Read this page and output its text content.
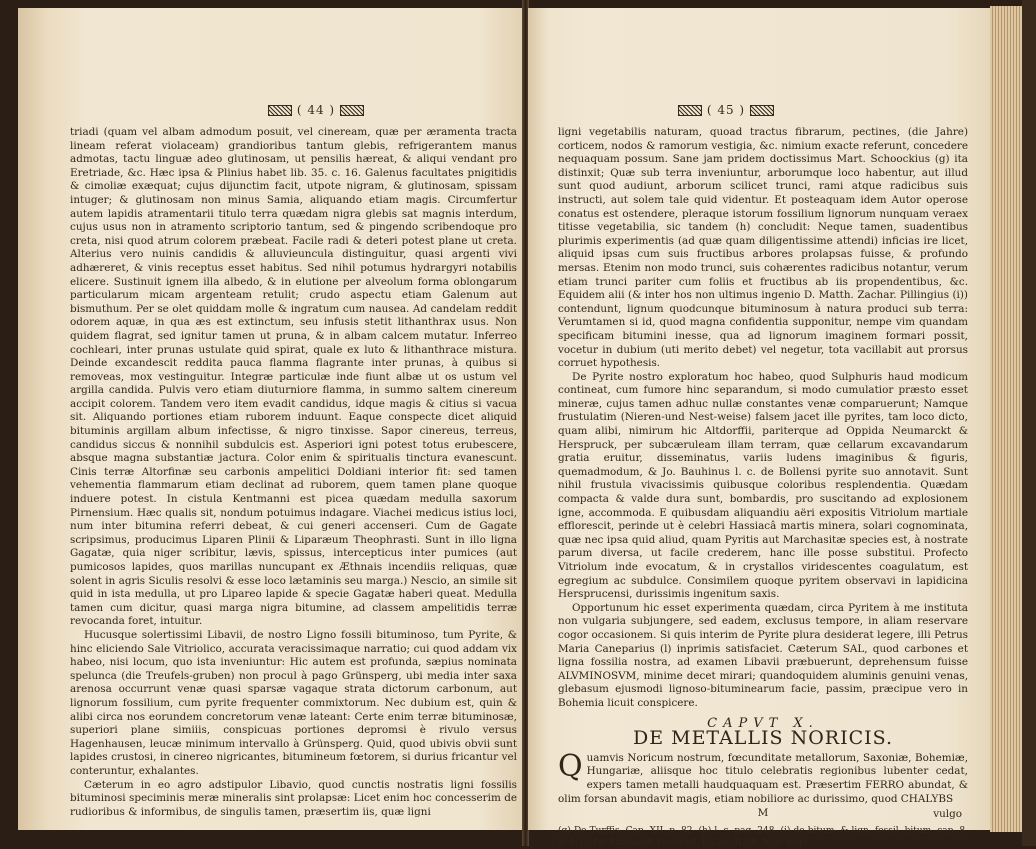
( 44 )

triadi (quam vel albam admodum posuit, vel cineream, quæ per æramenta tracta lineam referat violaceam) grandioribus tantum glebis, refrigerantem manus admotas, tactu linguæ adeo glutinosam, ut pensilis hæreat, & aliqui vendant pro Eretriade, &c. Hæc ipsa & Plinius habet lib. 35. c. 16. Galenus facultates pnigitidis & cimoliæ exæquat; cujus dijunctim facit, utpote nigram, & glutinosam, spissam intuger; & glutinosam non minus Samia, aliquando etiam magis. Circumfertur autem lapidis atramentarii titulo terra quædam nigra glebis sat magnis interdum, cujus usus non in atramento scriptorio tantum, sed & pingendo scribendoque pro creta, nisi quod atrum colorem præbeat. Facile radi & deteri potest plane ut creta. Alterius vero nuinis candidis & alluvieuncula distinguitur, quasi argenti vivi adhæreret, & vinis receptus esset habitus. Sed nihil potumus hydrargyri notabilis elicere. Sustinuit ignem illa albedo, & in elutione per alveolum forma oblongarum particularum micam argenteam retulit; crudo aspectu etiam Galenum aut bismuthum. Per se olet quiddam molle & ingratum cum nausea. Ad candelam reddit odorem aquæ, in qua æs est extinctum, seu infusis stetit lithanthrax usus. Non quidem flagrat, sed ignitur tamen ut pruna, & in albam calcem mutatur. Inferreo cochleari, inter prunas ustulate quid spirat, quale ex luto & lithanthrace mistura. Deinde excandescit reddita pauca flamma flagrante inter prunas, à quibus si removeas, mox vestinguitur. Integræ particulæ inde fiunt albæ ut os ustum vel argilla candida. Pulvis vero etiam diuturniore flamma, in summo saltem cinereum accipit colorem. Tandem vero item evadit candidus, idque magis & citius si vacua sit. Aliquando portiones etiam ruborem induunt. Eaque conspecte dicet aliquid bituminis argillam album infectisse, & nigro tinxisse. Sapor cinereus, terreus, candidus siccus & nonnihil subdulcis est. Asperiori igni potest totus erubescere, absque magna substantiæ jactura. Color enim & spiritualis tinctura evanescunt. Cinis terræ Altorfinæ seu carbonis ampelitici Doldiani interior fit: sed tamen vehementia flammarum etiam declinat ad ruborem, quem tamen plane quoque induere potest. In cistula Kentmanni est picea quædam medulla saxorum Pirnensium. Hæc qualis sit, nondum potuimus indagare. Viachei medicus istius loci, num inter bitumina referri debeat, & cui generi accenseri. Cum de Gagate scripsimus, producimus Liparen Plinii & Liparæum Theophrasti. Sunt in illo ligna Gagatæ, quia niger scribitur, lævis, spissus, intercepticus inter pumices (aut pumicosos lapides, quos marillas nuncupant ex Æthnais incendiis reliquas, quæ solent in agris Siculis resolvi & esse loco lætaminis seu marga.) Nescio, an simile sit quid in ista medulla, ut pro Lipareo lapide & specie Gagatæ haberi queat. Medulla tamen cum dicitur, quasi marga nigra bitumine, ad classem ampelitidis terræ revocanda foret, intuitur.

Hucusque solertissimi Libavii, de nostro Ligno fossili bituminoso, tum Pyrite, & hinc eliciendo Sale Vitriolico, accurata veracissimaque narratio; cui quod addam vix habeo, nisi locum, quo ista inveniuntur: Hic autem est profunda, sæpius nominata spelunca (die Treufels-gruben) non procul à pago Grünsperg, ubi media inter saxa arenosa occurrunt venæ quasi sparsæ vagaque strata dictorum carbonum, aut lignorum fossilium, cum pyrite frequenter commixtorum. Nec dubium est, quin & alibi circa nos eorundem concretorum venæ lateant: Certe enim terræ bituminosæ, superiori plane simiiis, conspicuas portiones depromsi è rivulo versus Hagenhausen, leucæ minimum intervallo à Grünsperg. Quid, quod ubivis obvii sunt lapides crustosi, in cinereo nigricantes, bitumineum fœtorem, si durius fricantur vel conteruntur, exhalantes.

Cæterum in eo agro adstipulor Libavio, quod cunctis nostratis ligni fossilis bituminosi speciminis meræ mineralis sint prolapsæ: Licet enim hoc concesserim de rudioribus & informibus, de singulis tamen, præsertim iis, quæ ligni

( 45 )

ligni vegetabilis naturam, quoad tractus fibrarum, pectines, (die Jahre) corticem, nodos & ramorum vestigia, &c. nimium exacte referunt, concedere nequaquam possum. Sane jam pridem doctissimus Mart. Schoockius (g) ita distinxit; Quæ sub terra inveniuntur, arborumque loco habentur, aut illud sunt quod audiunt, arborum scilicet trunci, rami atque radicibus suis instructi, aut solem tale quid videntur. Et posteaquam idem Autor operose conatus est ostendere, pleraque istorum fossilium lignorum nunquam veraex titisse vegetabilia, sic tandem (h) concludit: Neque tamen, suadentibus plurimis experimentis (ad quæ quam diligentissime attendi) inficias ire licet, aliquid ipsas cum suis fructibus arbores prolapsas fuisse, & profundo mersas. Etenim non modo trunci, suis cohærentes radicibus notantur, verum etiam trunci pariter cum foliis et fructibus ab iis propendentibus, &c. Equidem alii (& inter hos non ultimus ingenio D. Matth. Zachar. Pillingius (i)) contendunt, lignum quodcunque bituminosum à natura produci sub terra: Verumtamen si id, quod magna confidentia supponitur, nempe vim quandam specificam bitumini inesse, qua ad lignorum imaginem formari possit, vocetur in dubium (uti merito debet) vel negetur, tota vacillabit aut prorsus corruet hypothesis.

De Pyrite nostro exploratum hoc habeo, quod Sulphuris haud modicum contineat, cum fumore hinc separandum, si modo cumulatior præsto esset mineræ, cujus tamen adhuc nullæ constantes venæ comparuerunt; Namque frustulatim (Nieren-und Nest-weise) falsem jacet ille pyrites, tam loco dicto, quam alibi, nimirum hic Altdorffii, pariterque ad Oppida Neumarckt & Herspruck, per subcæruleam illam terram, quæ cellarum excavandarum gratia eruitur, disseminatus, variis ludens imaginibus & figuris, quemadmodum, & Jo. Bauhinus l. c. de Bollensi pyrite suo annotavit. Sunt nihil frustula vivacissimis quibusque coloribus resplendentia. Quædam compacta & valde dura sunt, bombardis, pro suscitando ad explosionem igne, accommoda. E quibusdam aliquandiu aëri expositis Vitriolum martiale efflorescit, perinde ut è celebri Hassiacâ martis minera, solari cognominata, quæ nec ipsa quid aliud, quam Pyritis aut Marchasitæ species est, à nostrate parum diversa, ut facile crederem, hanc ille posse substitui. Profecto Vitriolum inde evocatum, & in crystallos viridescentes coagulatum, est egregium ac subdulce. Consimilem quoque pyritem observavi in lapidicina Hersprucensi, durissimis ingenitum saxis.

Opportunum hic esset experimenta quædam, circa Pyritem à me instituta non vulgaria subjungere, sed eadem, exclusus tempore, in aliam reservare cogor occasionem. Si quis interim de Pyrite plura desiderat legere, illi Petrus Maria Caneparius (l) inprimis satisfaciet. Cæterum SAL, quod carbones et ligna fossilia nostra, ad examen Libavii præbuerunt, deprehensum fuisse ALVMINOSVM, minime decet mirari; quandoquidem aluminis genuini venas, glebasum ejusmodi lignoso-bituminearum facie, passim, præcipue vero in Bohemia licuit conspicere.

CAPVT X.
DE METALLIS NORICIS.

Quamvis Noricum nostrum, fœcunditate metallorum, Saxoniæ, Bohemiæ, Hungariæ, aliisque hoc titulo celebratis regionibus lubenter cedat, expers tamen metalli haudquaquam est. Præsertim FERRO abundat, & olim forsan abundavit magis, etiam nobiliore ac durissimo, quod CHALYBS

M	vulgo
(g) De Turffis, Cap. XII. p. 82. (h) l. c. pag. 248. (i) de bitum. & lign. fossil. bitum. cap. 8. & 9. (l) De Atrament. Descript. I. Cap. II. IX. X. & sequ.
